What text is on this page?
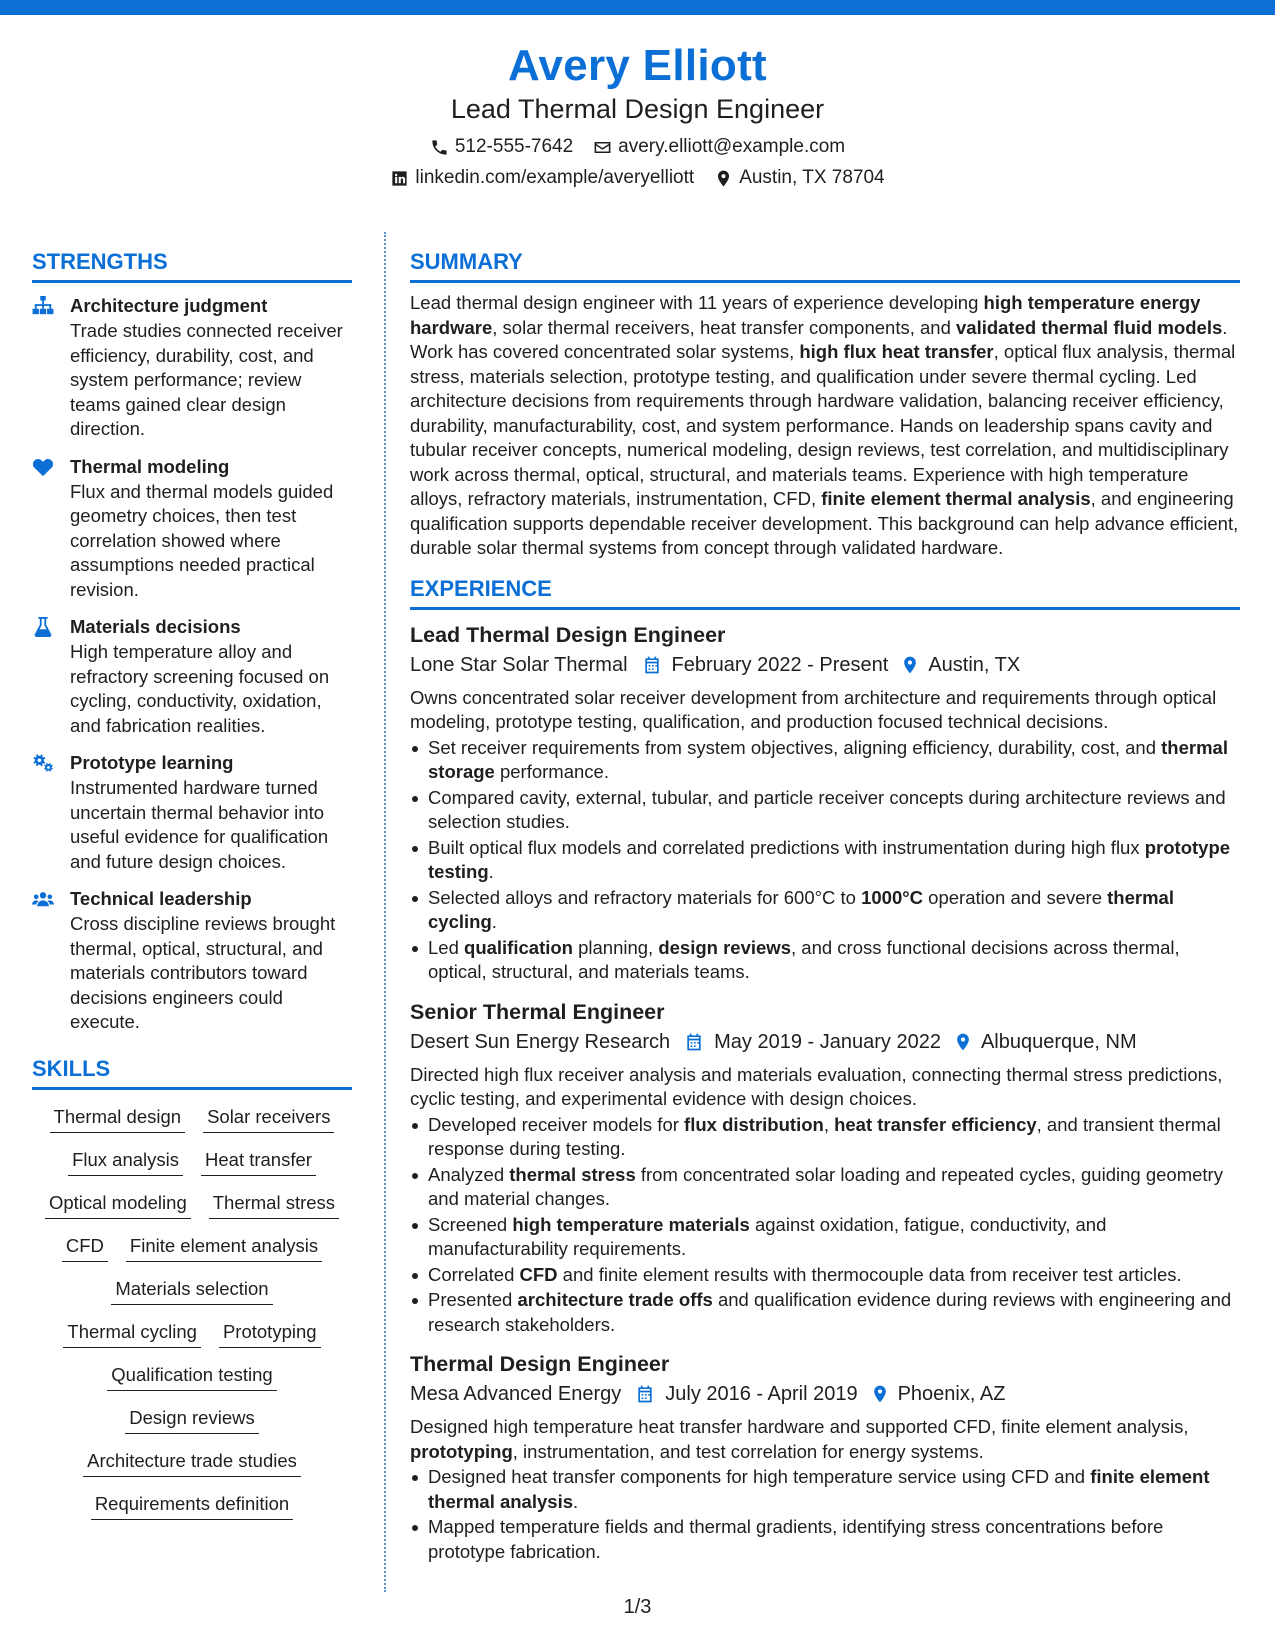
Avery Elliott
Lead Thermal Design Engineer
512-555-7642 avery.elliott@example.com
linkedin.com/example/averyelliott Austin, TX 78704
STRENGTHS
Architecture judgment
Trade studies connected receiver efficiency, durability, cost, and system performance; review teams gained clear design direction.
Thermal modeling
Flux and thermal models guided geometry choices, then test correlation showed where assumptions needed practical revision.
Materials decisions
High temperature alloy and refractory screening focused on cycling, conductivity, oxidation, and fabrication realities.
Prototype learning
Instrumented hardware turned uncertain thermal behavior into useful evidence for qualification and future design choices.
Technical leadership
Cross discipline reviews brought thermal, optical, structural, and materials contributors toward decisions engineers could execute.
SKILLS
Thermal design Solar receivers
Flux analysis Heat transfer
Optical modeling Thermal stress
CFD Finite element analysis
Materials selection
Thermal cycling Prototyping
Qualification testing
Design reviews
Architecture trade studies
Requirements definition
SUMMARY
Lead thermal design engineer with 11 years of experience developing high temperature energy hardware, solar thermal receivers, heat transfer components, and validated thermal fluid models. Work has covered concentrated solar systems, high flux heat transfer, optical flux analysis, thermal stress, materials selection, prototype testing, and qualification under severe thermal cycling. Led architecture decisions from requirements through hardware validation, balancing receiver efficiency, durability, manufacturability, cost, and system performance. Hands on leadership spans cavity and tubular receiver concepts, numerical modeling, design reviews, test correlation, and multidisciplinary work across thermal, optical, structural, and materials teams. Experience with high temperature alloys, refractory materials, instrumentation, CFD, finite element thermal analysis, and engineering qualification supports dependable receiver development. This background can help advance efficient, durable solar thermal systems from concept through validated hardware.
EXPERIENCE
Lead Thermal Design Engineer
Lone Star Solar Thermal February 2022 - Present Austin, TX
Owns concentrated solar receiver development from architecture and requirements through optical modeling, prototype testing, qualification, and production focused technical decisions.
Set receiver requirements from system objectives, aligning efficiency, durability, cost, and thermal storage performance.
Compared cavity, external, tubular, and particle receiver concepts during architecture reviews and selection studies.
Built optical flux models and correlated predictions with instrumentation during high flux prototype testing.
Selected alloys and refractory materials for 600°C to 1000°C operation and severe thermal cycling.
Led qualification planning, design reviews, and cross functional decisions across thermal, optical, structural, and materials teams.
Senior Thermal Engineer
Desert Sun Energy Research May 2019 - January 2022 Albuquerque, NM
Directed high flux receiver analysis and materials evaluation, connecting thermal stress predictions, cyclic testing, and experimental evidence with design choices.
Developed receiver models for flux distribution, heat transfer efficiency, and transient thermal response during testing.
Analyzed thermal stress from concentrated solar loading and repeated cycles, guiding geometry and material changes.
Screened high temperature materials against oxidation, fatigue, conductivity, and manufacturability requirements.
Correlated CFD and finite element results with thermocouple data from receiver test articles.
Presented architecture trade offs and qualification evidence during reviews with engineering and research stakeholders.
Thermal Design Engineer
Mesa Advanced Energy July 2016 - April 2019 Phoenix, AZ
Designed high temperature heat transfer hardware and supported CFD, finite element analysis, prototyping, instrumentation, and test correlation for energy systems.
Designed heat transfer components for high temperature service using CFD and finite element thermal analysis.
Mapped temperature fields and thermal gradients, identifying stress concentrations before prototype fabrication.
1/3
